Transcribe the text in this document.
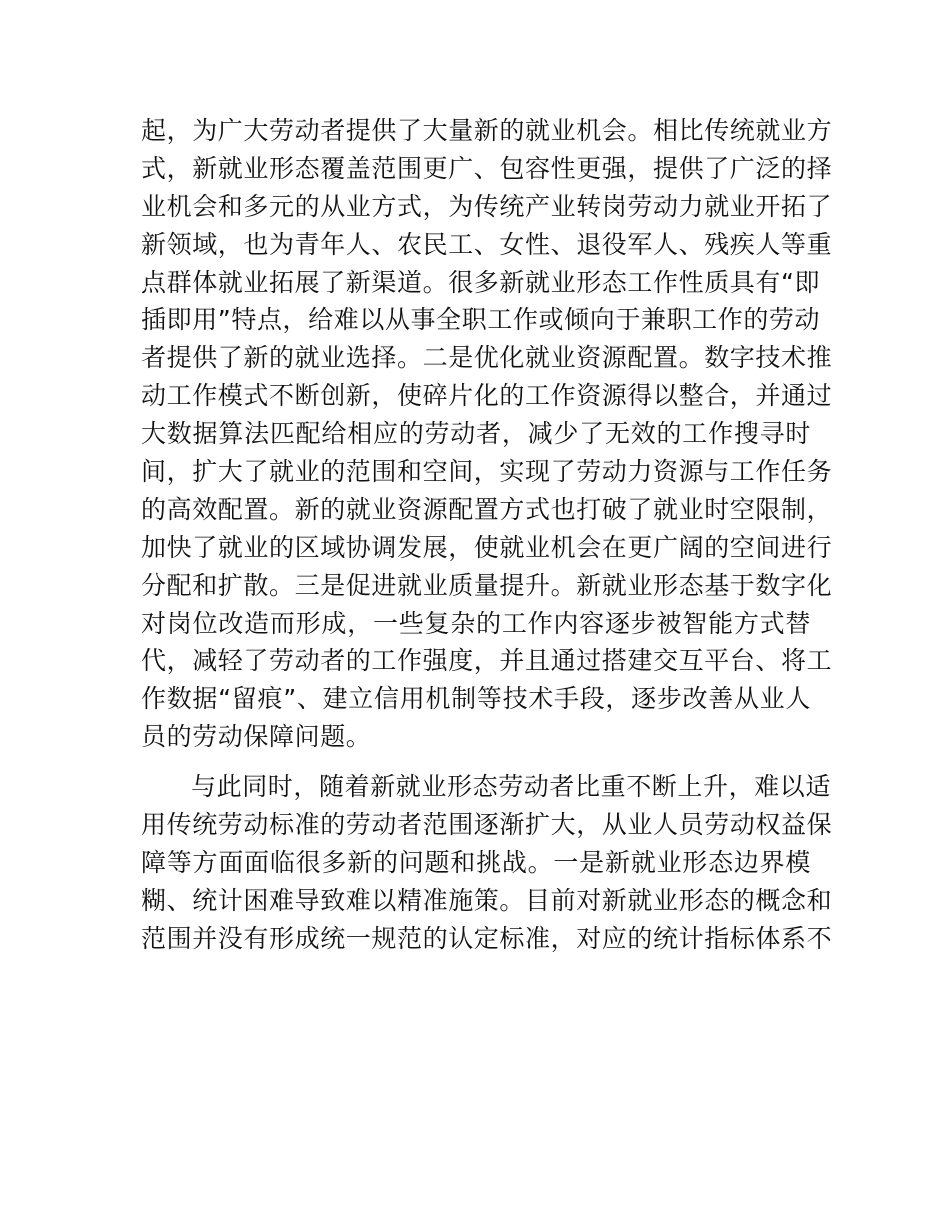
起，为广大劳动者提供了大量新的就业机会。相比传统就业方
式，新就业形态覆盖范围更广、包容性更强，提供了广泛的择
业机会和多元的从业方式，为传统产业转岗劳动力就业开拓了
新领域，也为青年人、农民工、女性、退役军人、残疾人等重
点群体就业拓展了新渠道。很多新就业形态工作性质具有“即
插即用”特点，给难以从事全职工作或倾向于兼职工作的劳动
者提供了新的就业选择。二是优化就业资源配置。数字技术推
动工作模式不断创新，使碎片化的工作资源得以整合，并通过
大数据算法匹配给相应的劳动者，减少了无效的工作搜寻时
间，扩大了就业的范围和空间，实现了劳动力资源与工作任务
的高效配置。新的就业资源配置方式也打破了就业时空限制，
加快了就业的区域协调发展，使就业机会在更广阔的空间进行
分配和扩散。三是促进就业质量提升。新就业形态基于数字化
对岗位改造而形成，一些复杂的工作内容逐步被智能方式替
代，减轻了劳动者的工作强度，并且通过搭建交互平台、将工
作数据“留痕”、建立信用机制等技术手段，逐步改善从业人
员的劳动保障问题。
与此同时，随着新就业形态劳动者比重不断上升，难以适
用传统劳动标准的劳动者范围逐渐扩大，从业人员劳动权益保
障等方面面临很多新的问题和挑战。一是新就业形态边界模
糊、统计困难导致难以精准施策。目前对新就业形态的概念和
范围并没有形成统一规范的认定标准，对应的统计指标体系不
